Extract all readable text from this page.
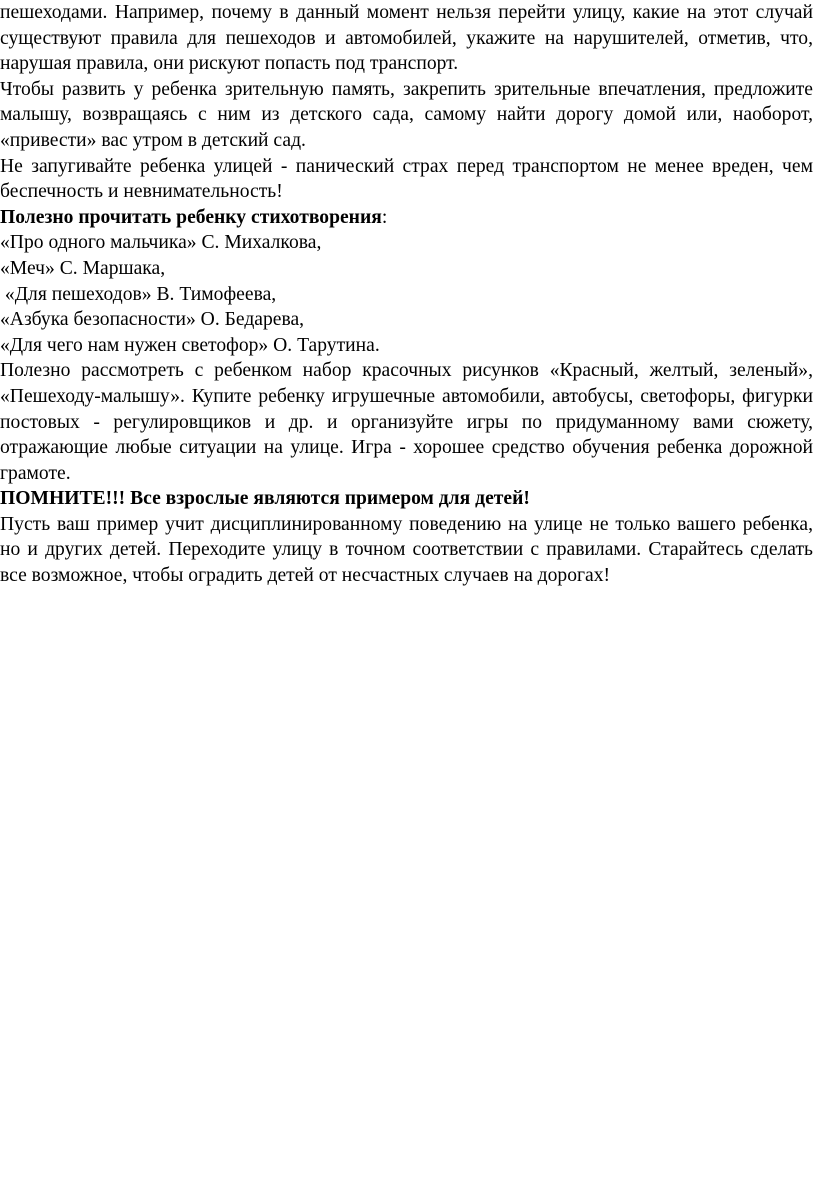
пешеходами. Например, почему в данный момент нельзя перейти улицу, какие на этот случай существуют правила для пешеходов и автомобилей, укажите на нарушителей, отметив, что, нарушая правила, они рискуют попасть под транспорт.

Чтобы развить у ребенка зрительную память, закрепить зрительные впечатления, предложите малышу, возвращаясь с ним из детского сада, самому найти дорогу домой или, наоборот, «привести» вас утром в детский сад.

Не запугивайте ребенка улицей - панический страх перед транспортом не менее вреден, чем беспечность и невнимательность!

Полезно прочитать ребенку стихотворения:

«Про одного мальчика» С. Михалкова,

«Меч» С. Маршака,

«Для пешеходов» В. Тимофеева,

«Азбука безопасности» О. Бедарева,

«Для чего нам нужен светофор» О. Тарутина.

Полезно рассмотреть с ребенком набор красочных рисунков «Красный, желтый, зеленый», «Пешеходу-малышу». Купите ребенку игрушечные автомобили, автобусы, светофоры, фигурки постовых - регулировщиков и др. и организуйте игры по придуманному вами сюжету, отражающие любые ситуации на улице. Игра - хорошее средство обучения ребенка дорожной грамоте.

ПОМНИТЕ!!! Все взрослые являются примером для детей!

Пусть ваш пример учит дисциплинированному поведению на улице не только вашего ребенка, но и других детей. Переходите улицу в точном соответствии с правилами. Старайтесь сделать все возможное, чтобы оградить детей от несчастных случаев на дорогах!
